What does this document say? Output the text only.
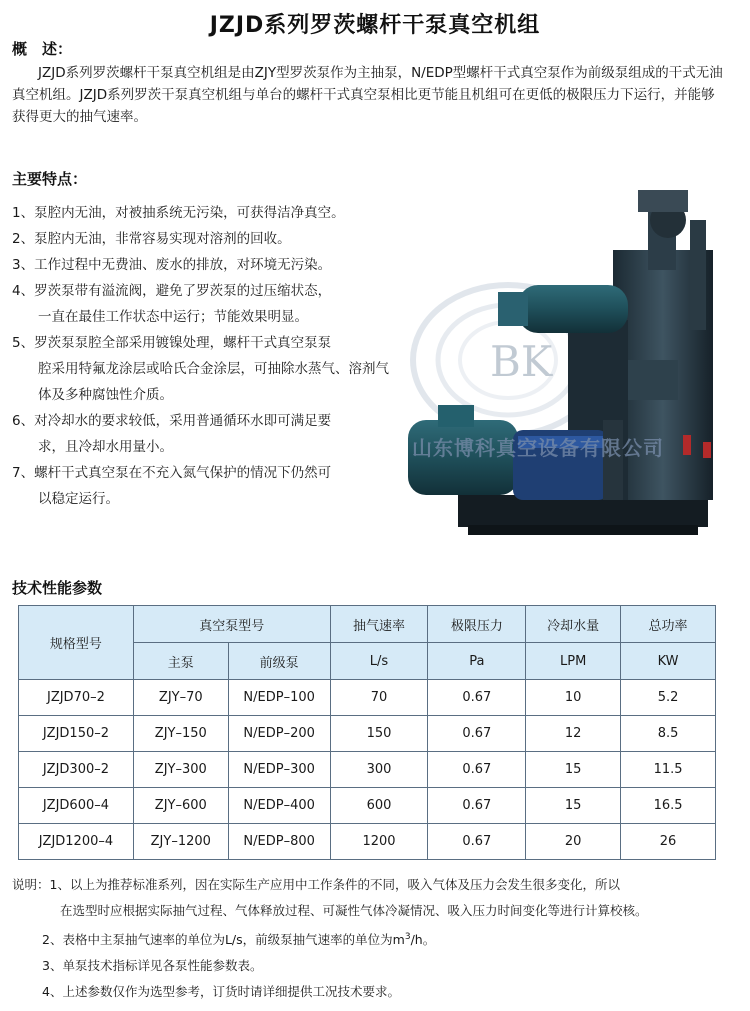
JZJD系列罗茨螺杆干泵真空机组
概　述：
JZJD系列罗茨螺杆干泵真空机组是由ZJY型罗茨泵作为主抽泵，N/EDP型螺杆干式真空泵作为前级泵组成的干式无油真空机组。JZJD系列罗茨干泵真空机组与单台的螺杆干式真空泵相比更节能且机组可在更低的极限压力下运行，并能够获得更大的抽气速率。
主要特点：
1、泵腔内无油，对被抽系统无污染，可获得洁净真空。
2、泵腔内无油，非常容易实现对溶剂的回收。
3、工作过程中无费油、废水的排放，对环境无污染。
4、罗茨泵带有溢流阀，避免了罗茨泵的过压缩状态，
一直在最佳工作状态中运行；节能效果明显。
5、罗茨泵泵腔全部采用镀镍处理，螺杆干式真空泵泵
腔采用特氟龙涂层或哈氏合金涂层，可抽除水蒸气、溶剂气体及多种腐蚀性介质。
6、对冷却水的要求较低，采用普通循环水即可满足要
求，且冷却水用量小。
7、螺杆干式真空泵在不充入氮气保护的情况下仍然可
以稳定运行。
BK
山东博科真空设备有限公司
技术性能参数
规格型号	真空泵型号		抽气速率	极限压力	冷却水量	总功率
	主泵	前级泵	L/s	Pa	LPM	KW
JZJD70–2	ZJY–70	N/EDP–100	70	0.67	10	5.2
JZJD150–2	ZJY–150	N/EDP–200	150	0.67	12	8.5
JZJD300–2	ZJY–300	N/EDP–300	300	0.67	15	11.5
JZJD600–4	ZJY–600	N/EDP–400	600	0.67	15	16.5
JZJD1200–4	ZJY–1200	N/EDP–800	1200	0.67	20	26
说明：1、以上为推荐标准系列，因在实际生产应用中工作条件的不同，吸入气体及压力会发生很多变化，所以
在选型时应根据实际抽气过程、气体释放过程、可凝性气体冷凝情况、吸入压力时间变化等进行计算校核。
2、表格中主泵抽气速率的单位为L/s，前级泵抽气速率的单位为$m^3/h$。
3、单泵技术指标详见各泵性能参数表。
4、上述参数仅作为选型参考，订货时请详细提供工况技术要求。
